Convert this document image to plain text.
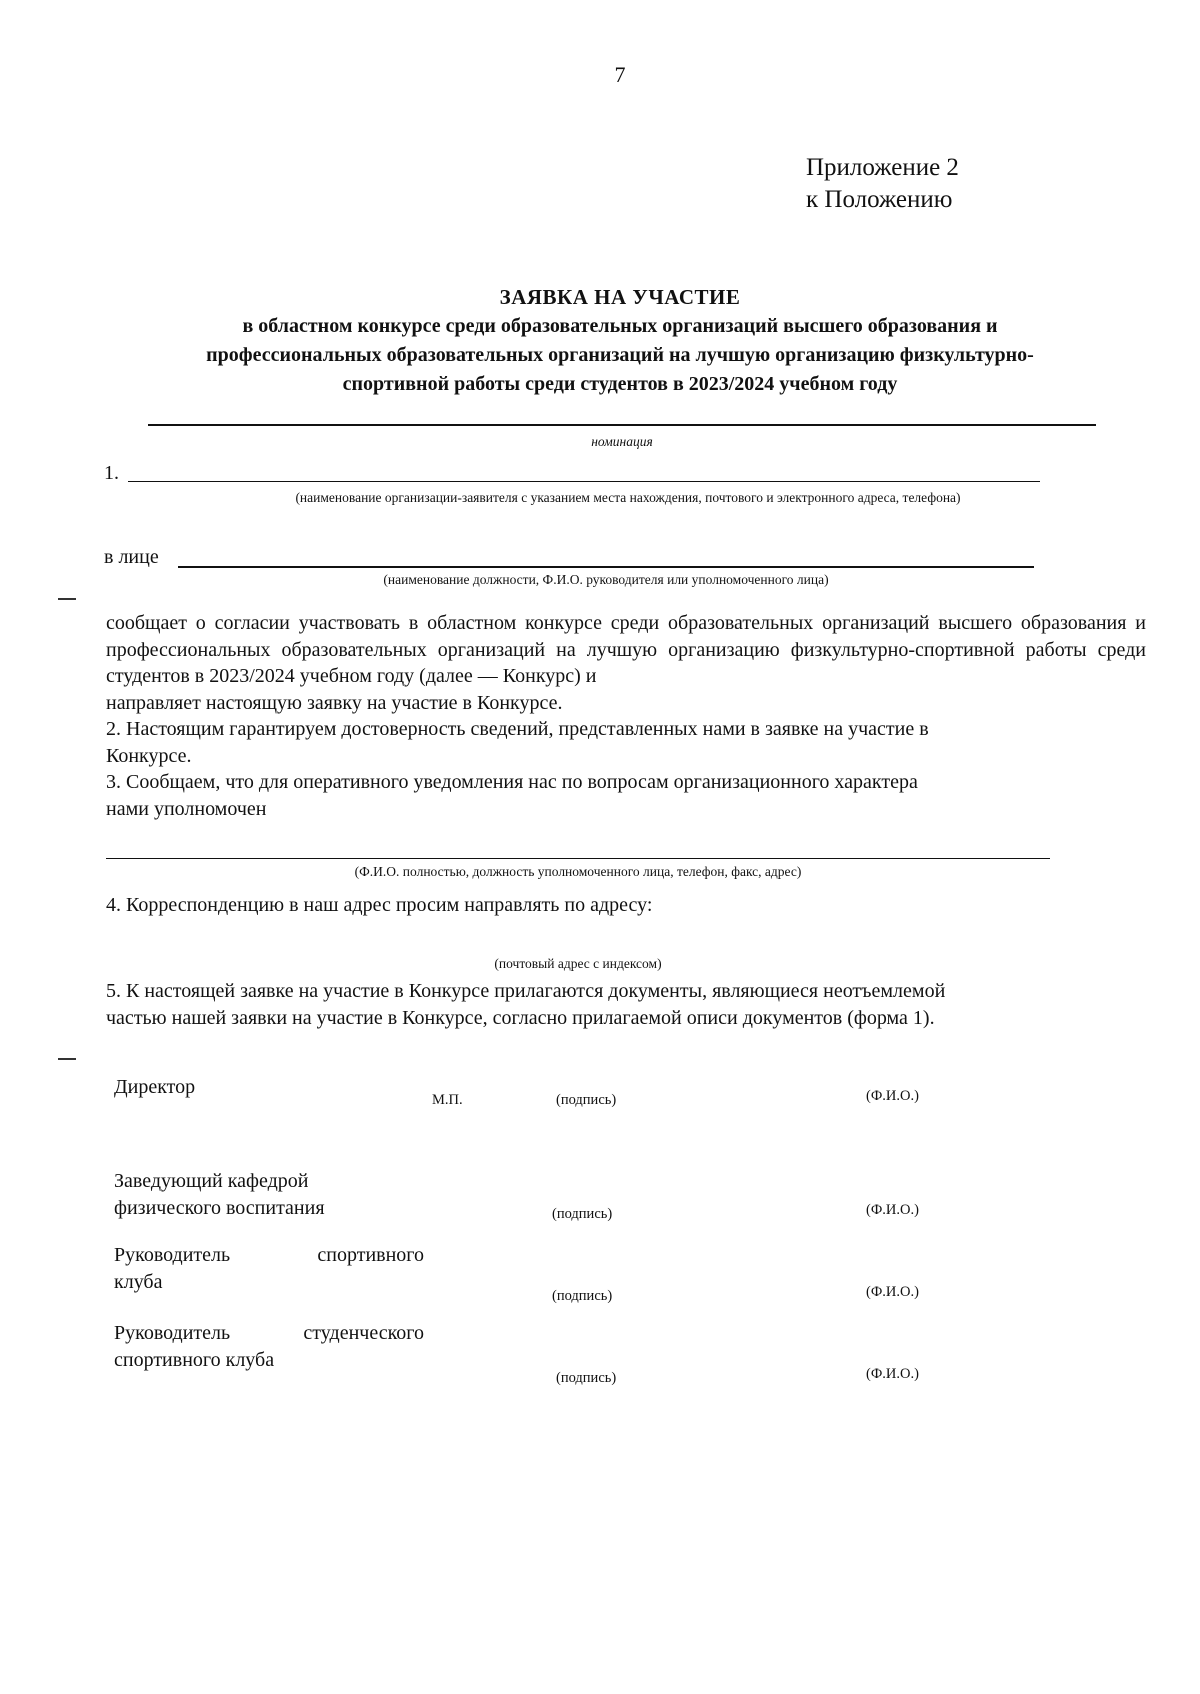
7
Приложение 2
к Положению
ЗАЯВКА НА УЧАСТИЕ
в областном конкурсе среди образовательных организаций высшего образования и
профессиональных образовательных организаций на лучшую организацию физкультурно-
спортивной работы среди студентов в 2023/2024 учебном году
номинация
1.
(наименование организации-заявителя с указанием места нахождения, почтового и электронного адреса, телефона)
в лице
(наименование должности, Ф.И.О. руководителя или уполномоченного лица)

сообщает о согласии участвовать в областном конкурсе среди образовательных организаций высшего образования и профессиональных образовательных организаций на лучшую организацию физкультурно-спортивной работы среди студентов в 2023/2024 учебном году (далее — Конкурс) и

направляет настоящую заявку на участие в Конкурсе.

2. Настоящим гарантируем достоверность сведений, представленных нами в заявке на участие в

Конкурсе.

3. Сообщаем, что для оперативного уведомления нас по вопросам организационного характера

нами уполномочен

(Ф.И.О. полностью, должность уполномоченного лица, телефон, факс, адрес)
4. Корреспонденцию в наш адрес просим направлять по адресу:
(почтовый адрес с индексом)

5. К настоящей заявке на участие в Конкурсе прилагаются документы, являющиеся неотъемлемой

частью нашей заявки на участие в Конкурсе, согласно прилагаемой описи документов (форма 1).

Директор
М.П.	(подпись)	(Ф.И.О.)
Заведующий кафедрой
физического воспитания	(подпись)	(Ф.И.О.)
Руководитель спортивного
клуба
(подпись)	(Ф.И.О.)
Руководитель студенческого
спортивного клуба
(подпись)	(Ф.И.О.)
